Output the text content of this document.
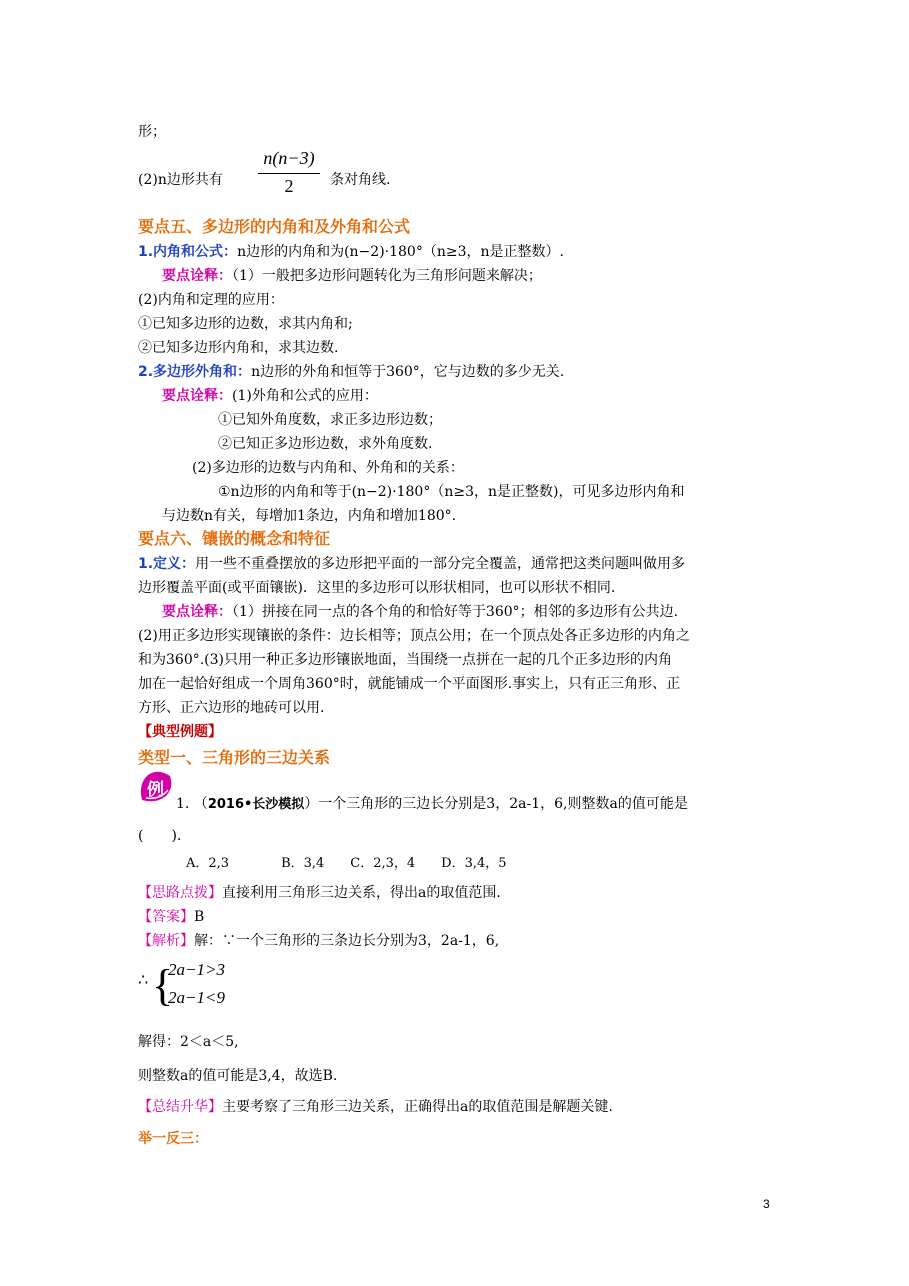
形；
(2)n边形共有
n(n−3)
2	条对角线.
要点五、多边形的内角和及外角和公式
1.内角和公式：n边形的内角和为(n−2)·180°（n≥3，n是正整数）.
要点诠释：（1）一般把多边形问题转化为三角形问题来解决；
(2)内角和定理的应用：
①已知多边形的边数，求其内角和;
②已知多边形内角和，求其边数.
2.多边形外角和：n边形的外角和恒等于360°，它与边数的多少无关.
要点诠释：(1)外角和公式的应用：
①已知外角度数，求正多边形边数；
②已知正多边形边数，求外角度数.
(2)多边形的边数与内角和、外角和的关系：
①n边形的内角和等于(n−2)·180°（n≥3，n是正整数)，可见多边形内角和
与边数n有关，每增加1条边，内角和增加180°.
要点六、镶嵌的概念和特征
1.定义：用一些不重叠摆放的多边形把平面的一部分完全覆盖，通常把这类问题叫做用多
边形覆盖平面(或平面镶嵌)．这里的多边形可以形状相同，也可以形状不相同.
要点诠释：（1）拼接在同一点的各个角的和恰好等于360°；相邻的多边形有公共边.
(2)用正多边形实现镶嵌的条件：边长相等；顶点公用；在一个顶点处各正多边形的内角之
和为360°.(3)只用一种正多边形镶嵌地面，当围绕一点拼在一起的几个正多边形的内角
加在一起恰好组成一个周角360°时，就能铺成一个平面图形.事实上，只有正三角形、正
方形、正六边形的地砖可以用.
【典型例题】
类型一、三角形的三边关系
例
1. （2016•长沙模拟）一个三角形的三边长分别是3，2a-1，6,则整数a的值可能是
(　　).
A．2,3　　　　B．3,4　　C．2,3，4　　D．3,4，5
【思路点拨】直接利用三角形三边关系，得出a的取值范围.
【答案】B
【解析】解：∵一个三角形的三条边长分别为3，2a-1，6,
∴ {
2a−1>3
2a−1<9
解得：2＜a＜5,
则整数a的值可能是3,4，故选B.
【总结升华】主要考察了三角形三边关系，正确得出a的取值范围是解题关键.
举一反三：
3
